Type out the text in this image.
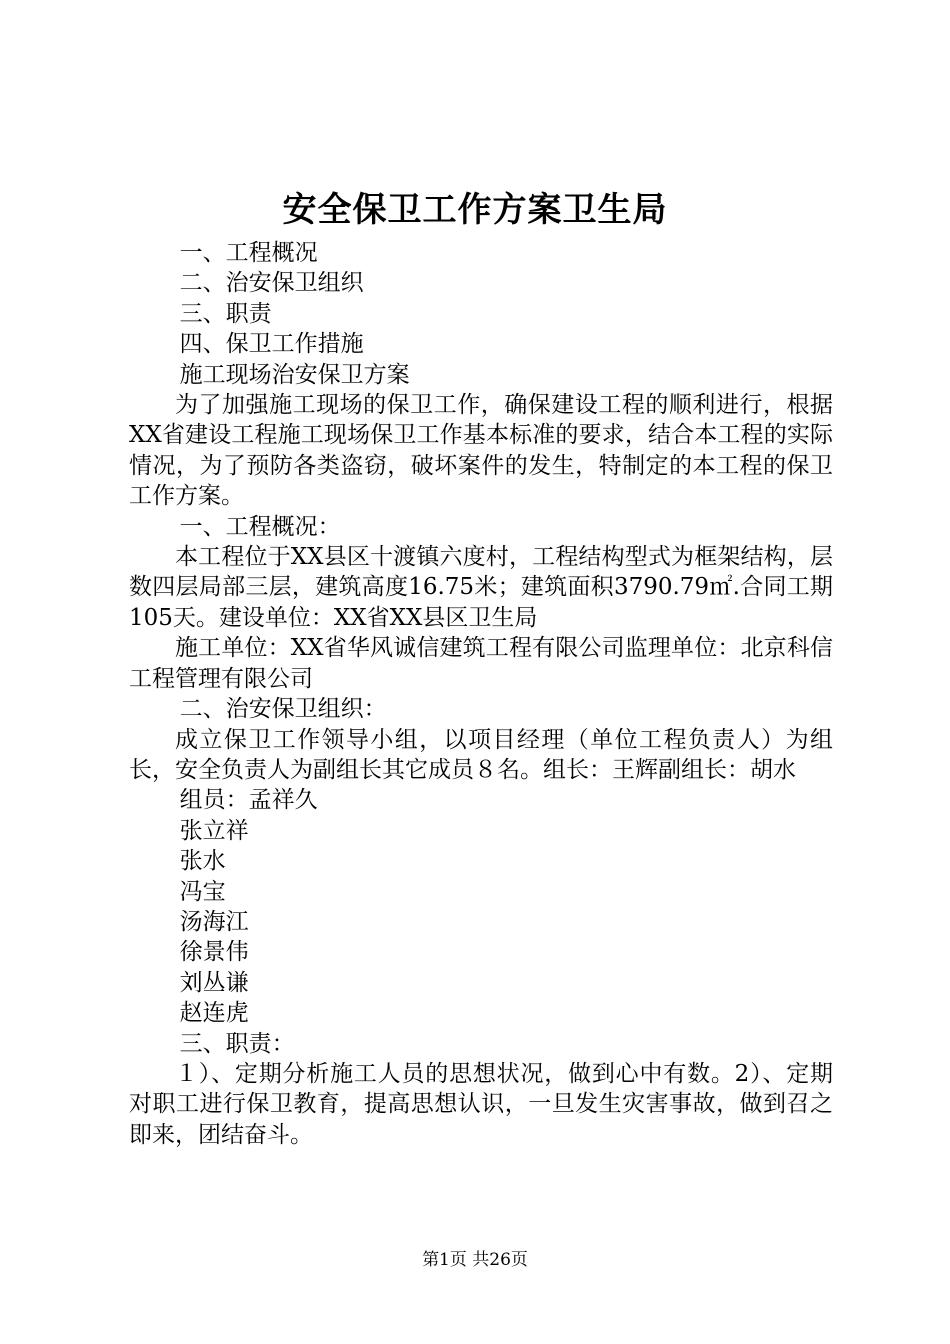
安全保卫工作方案卫生局

一、工程概况

二、治安保卫组织

三、职责

四、保卫工作措施

施工现场治安保卫方案

为了加强施工现场的保卫工作，确保建设工程的顺利进行，根据XX省建设工程施工现场保卫工作基本标准的要求，结合本工程的实际情况，为了预防各类盗窃，破坏案件的发生，特制定的本工程的保卫工作方案。

一、工程概况：

本工程位于XX县区十渡镇六度村，工程结构型式为框架结构，层数四层局部三层，建筑高度16.75米；建筑面积3790.79㎡.合同工期105天。建设单位：XX省XX县区卫生局

施工单位：XX省华风诚信建筑工程有限公司监理单位：北京科信工程管理有限公司

二、治安保卫组织：

成立保卫工作领导小组，以项目经理（单位工程负责人）为组长，安全负责人为副组长其它成员８名。组长：王辉副组长：胡水

组员：孟祥久

张立祥

张水

冯宝

汤海江

徐景伟

刘丛谦

赵连虎

三、职责：

１）、定期分析施工人员的思想状况，做到心中有数。2）、定期对职工进行保卫教育，提高思想认识，一旦发生灾害事故，做到召之即来，团结奋斗。

第1页 共26页
